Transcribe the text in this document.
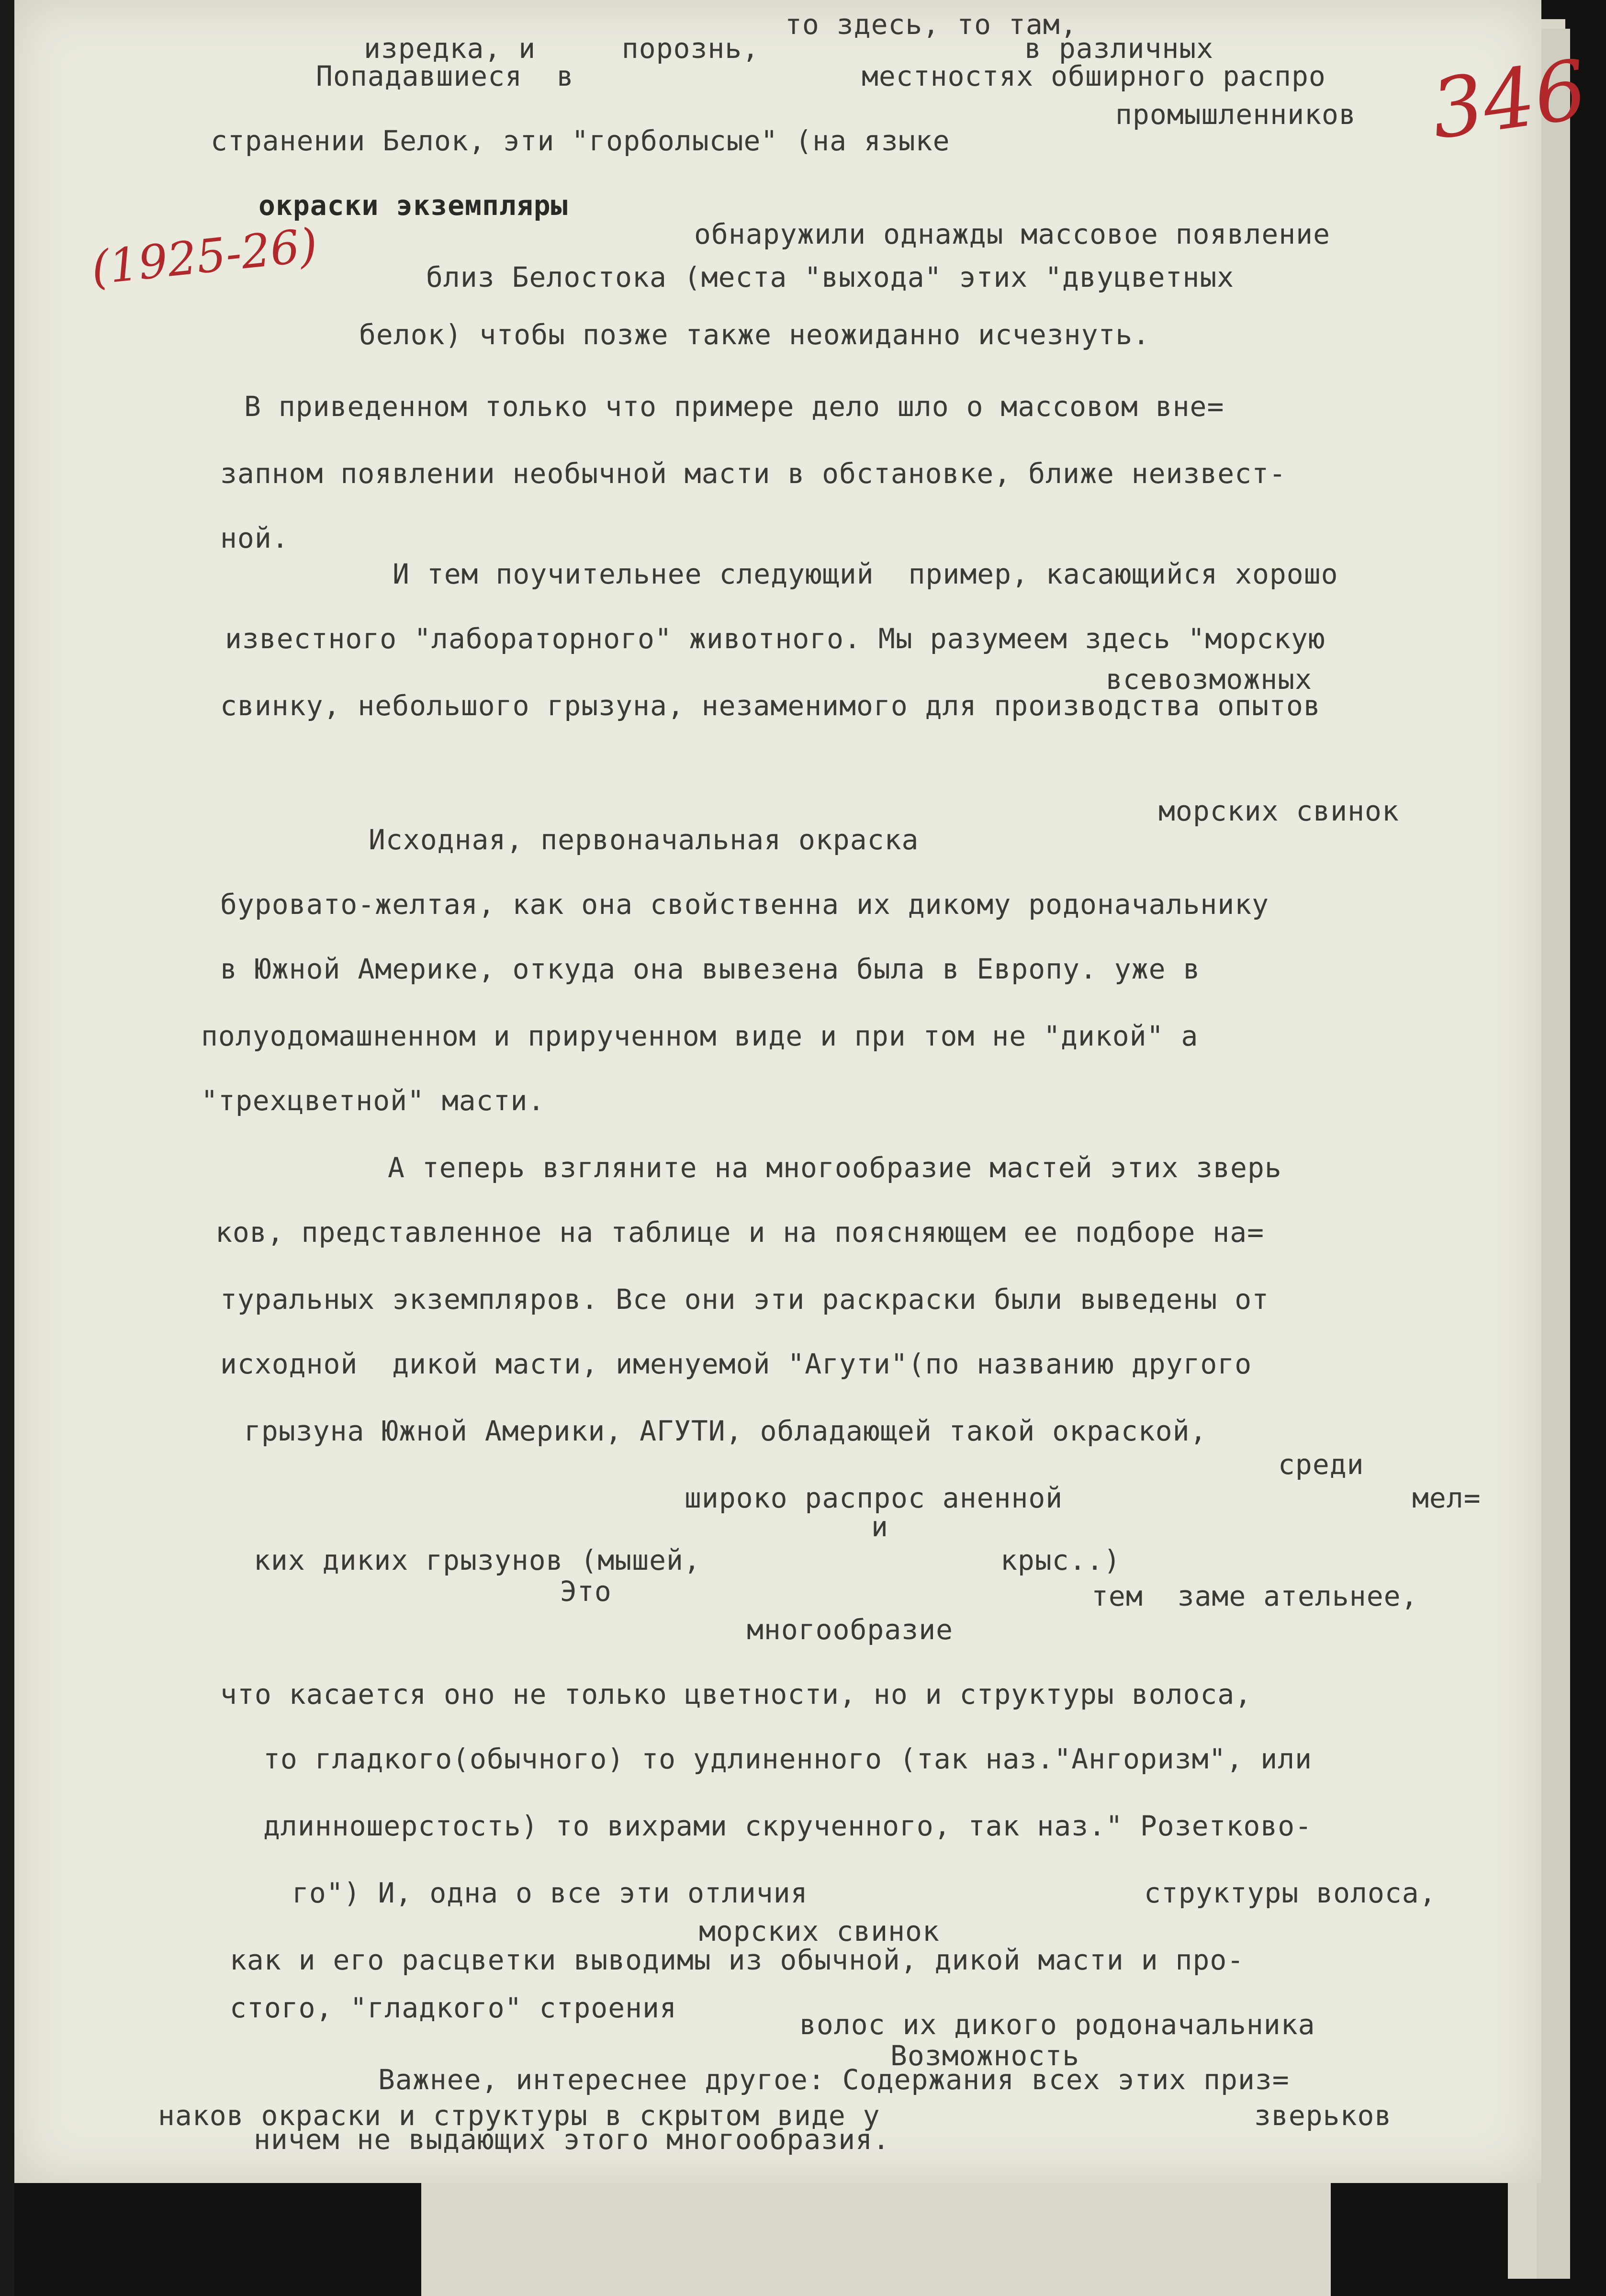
346
(1925-26)
то здесь, то там,
изредка, и     порознь,	в различных
Попадавшиеся  в	местностях обширного распро
промышленников
странении Белок, эти "горболысые" (на языке
окраски экземпляры
обнаружили однажды массовое появление
близ Белостока (места "выхода" этих "двуцветных
белок) чтобы позже также неожиданно исчезнуть.
В приведенном только что примере дело шло о массовом вне=
запном появлении необычной масти в обстановке, ближе неизвест-
ной.
И тем поучительнее следующий  пример, касающийся хорошо
известного "лабораторного" животного. Мы разумеем здесь "морскую
всевозможных
свинку, небольшого грызуна, незаменимого для производства опытов
морских свинок
Исходная, первоначальная окраска
буровато-желтая, как она свойственна их дикому родоначальнику
в Южной Америке, откуда она вывезена была в Европу. уже в
полуодомашненном и прирученном виде и при том не "дикой" а
"трехцветной" масти.
А теперь взгляните на многообразие мастей этих зверь
ков, представленное на таблице и на поясняющем ее подборе на=
туральных экземпляров. Все они эти раскраски были выведены от
исходной  дикой масти, именуемой "Агути"(по названию другого
грызуна Южной Америки, АГУТИ, обладающей такой окраской,
среди
широко распрос аненной	мел=
и
ких диких грызунов (мышей,	крыс..)
Это	тем  заме ательнее,
многообразие
что касается оно не только цветности, но и структуры волоса,
то гладкого(обычного) то удлиненного (так наз."Ангоризм", или
длинношерстость) то вихрами скрученного, так наз." Розетково-
го") И, одна о все эти отличия	структуры волоса,
морских свинок
как и его расцветки выводимы из обычной, дикой масти и про-
стого, "гладкого" строения
волос их дикого родоначальника
Возможность
Важнее, интереснее другое: Содержания всех этих приз=
наков окраски и структуры в скрытом виде у	зверьков
ничем не выдающих этого многообразия.
